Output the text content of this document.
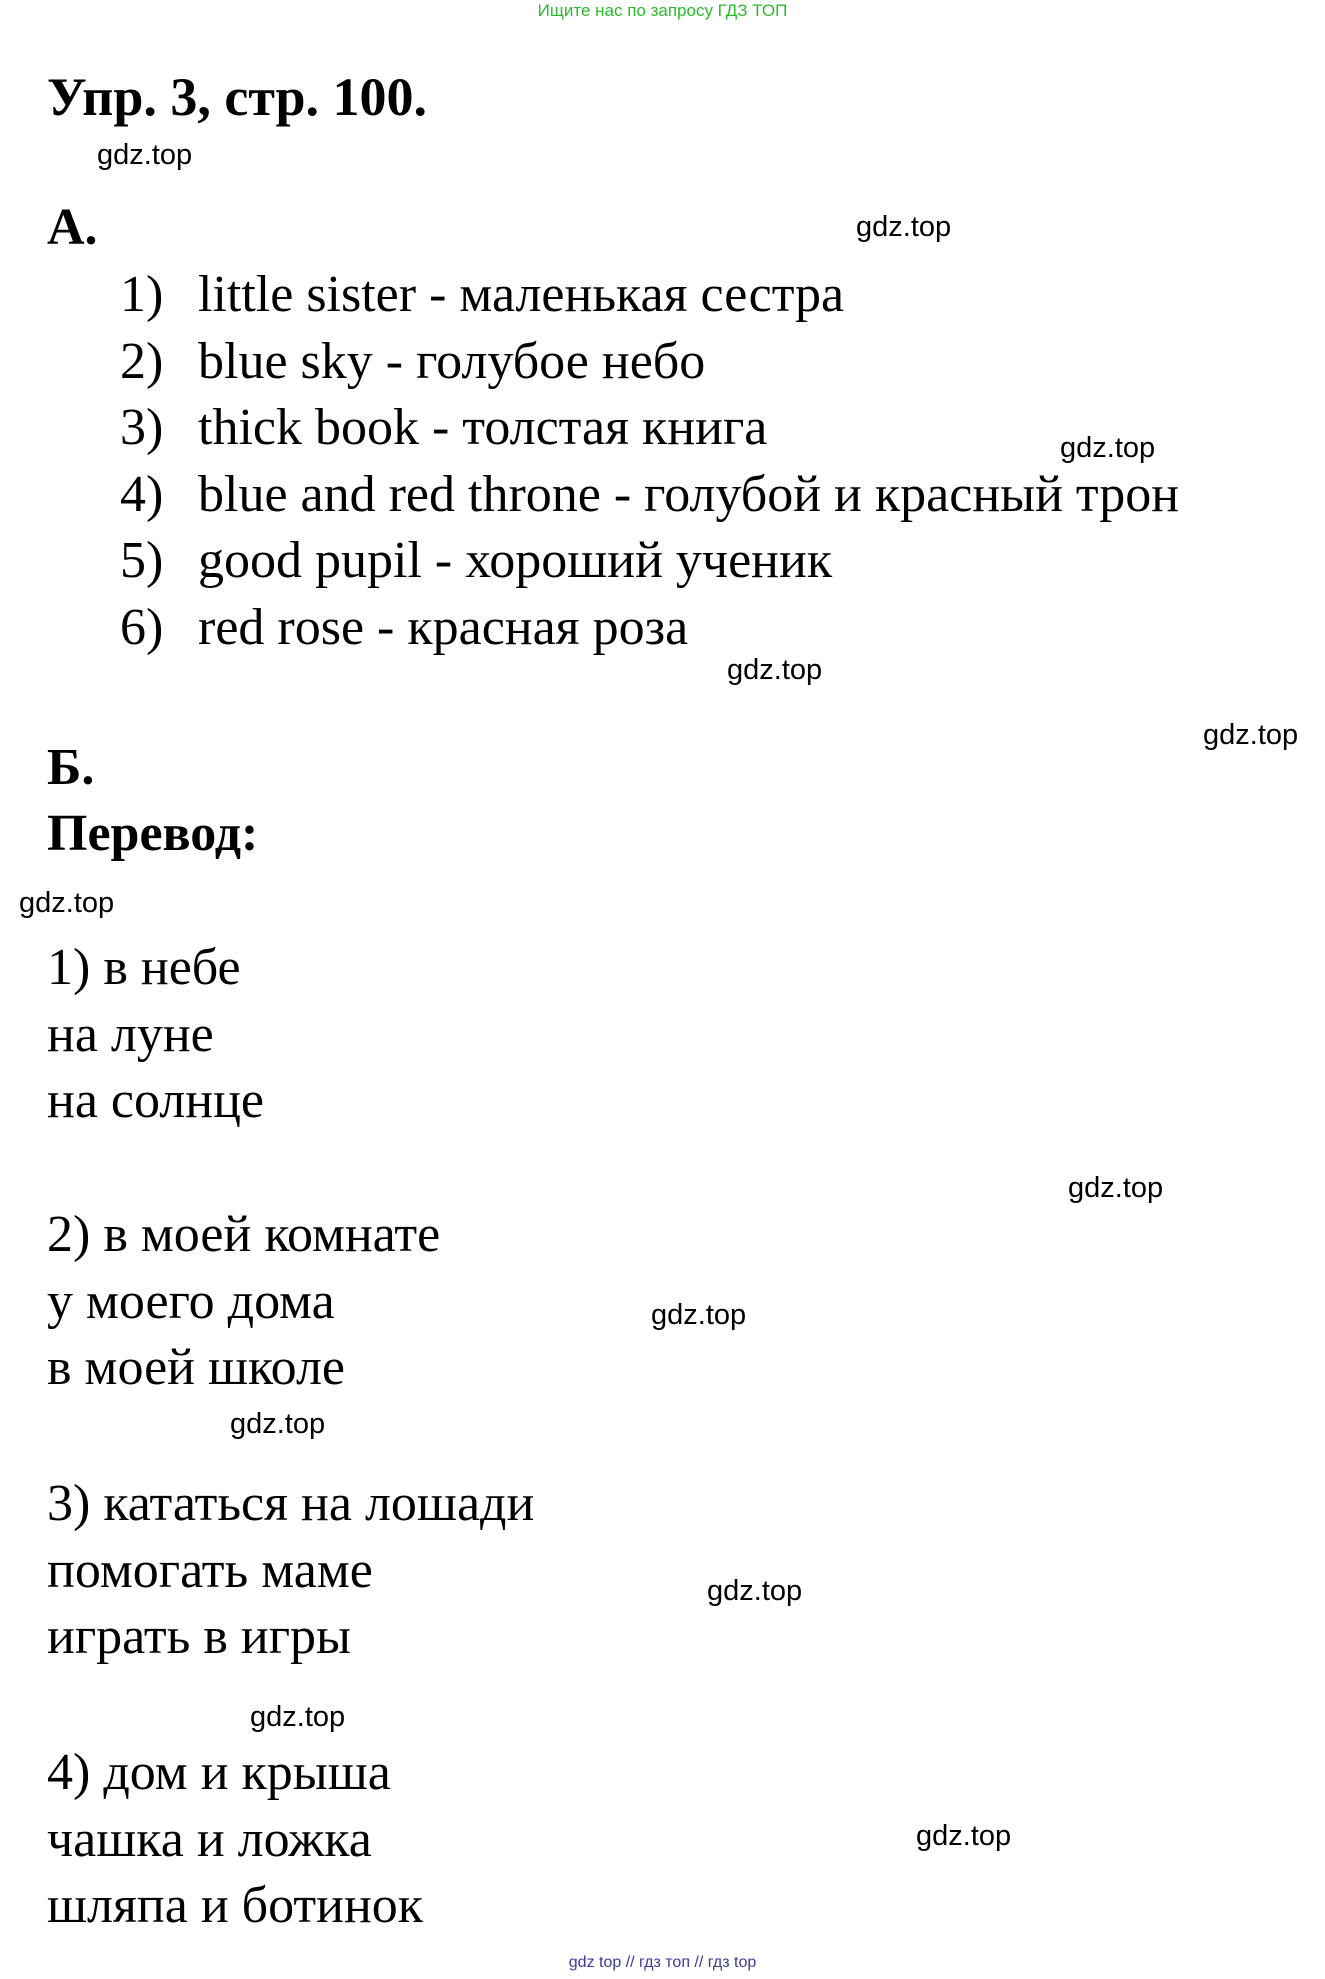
Ищите нас по запросу ГДЗ ТОП
Упр. 3, стр. 100.
А.
1) little sister - маленькая сестра
2) blue sky - голубое небо
3) thick book - толстая книга
4) blue and red throne - голубой и красный трон
5) good pupil - хороший ученик
6) red rose - красная роза
Б.
Перевод:
1) в небе
на луне
на солнце
2) в моей комнате
у моего дома
в моей школе
3) кататься на лошади
помогать маме
играть в игры
4) дом и крыша
чашка и ложка
шляпа и ботинок
gdz.top
gdz.top
gdz.top
gdz.top
gdz.top
gdz.top
gdz.top
gdz.top
gdz.top
gdz.top
gdz.top
gdz.top
gdz top // гдз топ // гдз top
